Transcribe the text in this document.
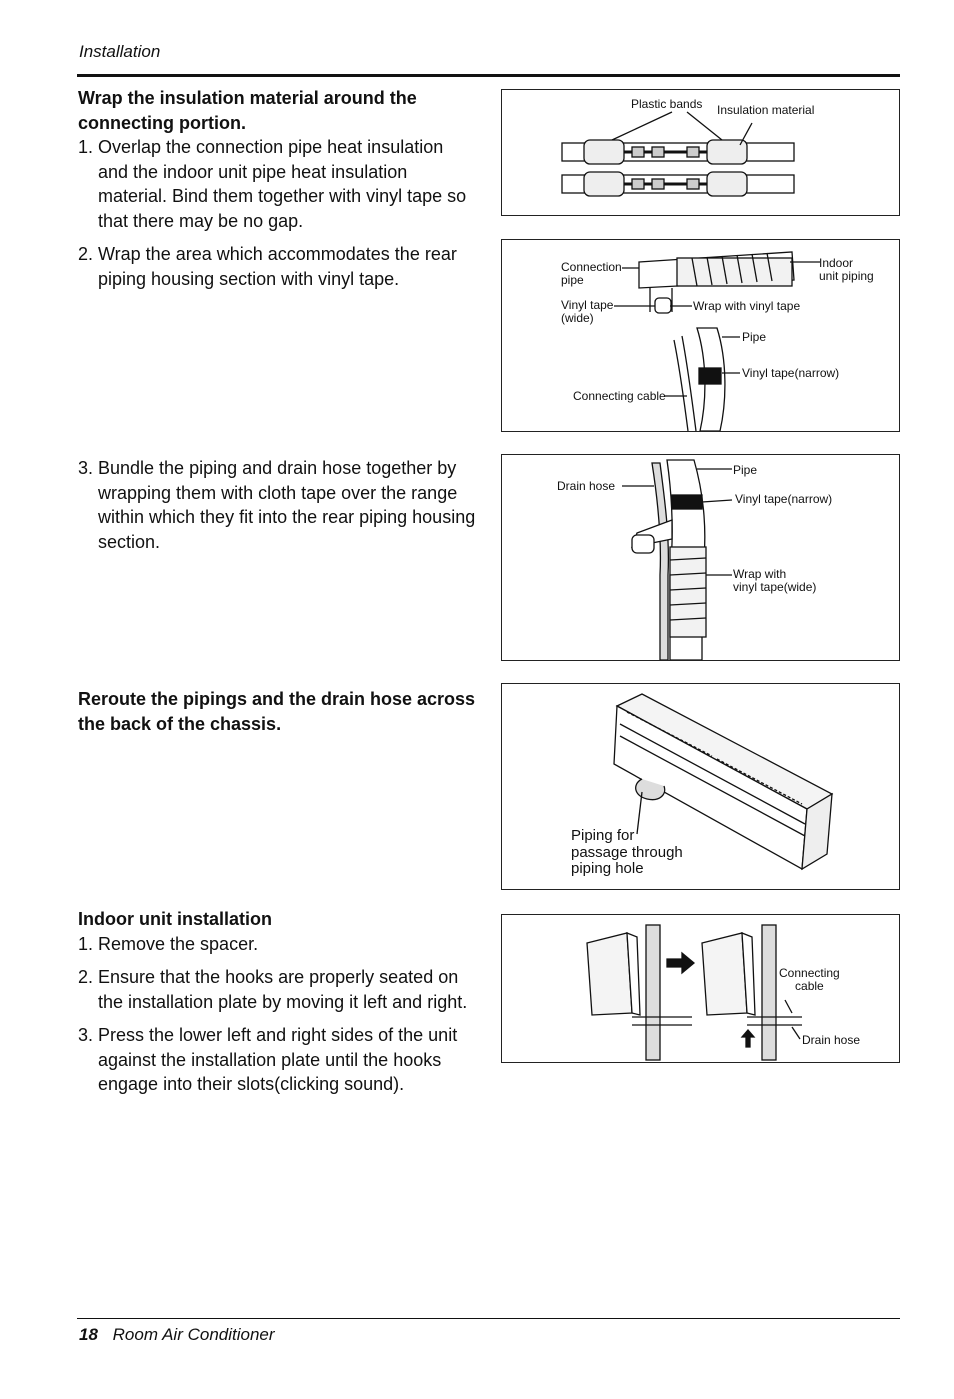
Installation
Wrap the insulation material around the connecting portion.
1. Overlap the connection pipe heat insulation and the indoor unit pipe heat insulation material. Bind them together with vinyl tape so that there may be no gap.
2. Wrap the area which accommodates the rear piping housing section with vinyl tape.
3. Bundle the piping and drain hose together by wrapping them with cloth tape over the range within which they fit into the rear piping housing section.
Reroute the pipings and the drain hose across the back of the chassis.
Indoor unit installation
1. Remove the spacer.
2. Ensure that the hooks are properly seated on the installation plate by moving it left and right.
3. Press the lower left and right sides of the unit against the installation plate until the hooks engage into their slots(clicking sound).
Plastic bands Insulation material
Connection
pipe
Indoor
unit piping
Vinyl tape
(wide)
Wrap with vinyl tape
Pipe
Vinyl tape(narrow)
Connecting cable
Pipe
Drain hose
Vinyl tape(narrow)
Wrap with
vinyl tape(wide)
Piping for
passage through
piping hole
Connecting
cable
Drain hose
18 Room Air Conditioner
